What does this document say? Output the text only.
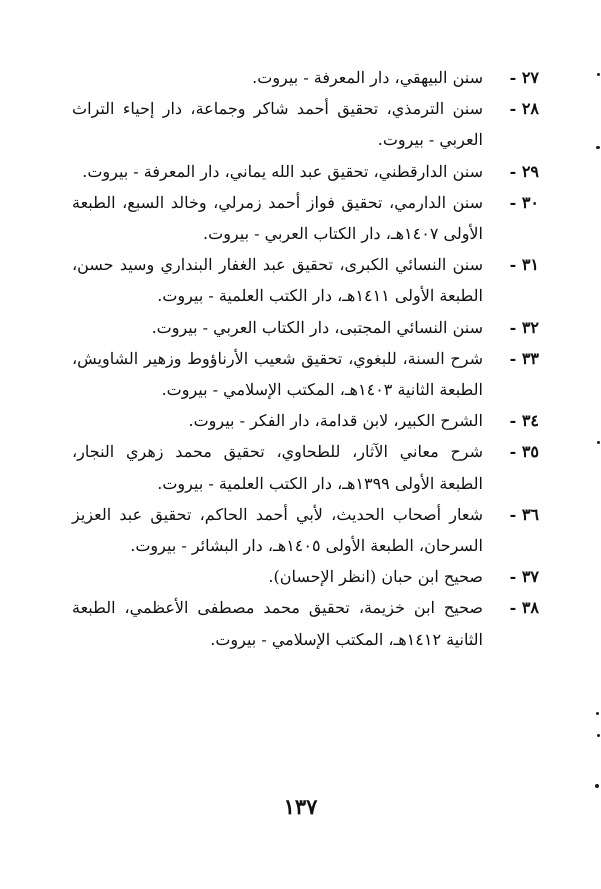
٢٧ -
سنن البيهقي، دار المعرفة - بيروت.
٢٨ -
سنن الترمذي، تحقيق أحمد شاكر وجماعة، دار إحياء التراث العربي - بيروت.
٢٩ -
سنن الدارقطني، تحقيق عبد الله يماني، دار المعرفة - بيروت.
٣٠ -
سنن الدارمي، تحقيق فواز أحمد زمرلي، وخالد السبع، الطبعة الأولى ١٤٠٧هـ، دار الكتاب العربي - بيروت.
٣١ -
سنن النسائي الكبرى، تحقيق عبد الغفار البنداري وسيد حسن، الطبعة الأولى ١٤١١هـ، دار الكتب العلمية - بيروت.
٣٢ -
سنن النسائي المجتبى، دار الكتاب العربي - بيروت.
٣٣ -
شرح السنة، للبغوي، تحقيق شعيب الأرناؤوط وزهير الشاويش، الطبعة الثانية ١٤٠٣هـ، المكتب الإسلامي - بيروت.
٣٤ -
الشرح الكبير، لابن قدامة، دار الفكر - بيروت.
٣٥ -
شرح معاني الآثار، للطحاوي، تحقيق محمد زهري النجار، الطبعة الأولى ١٣٩٩هـ، دار الكتب العلمية - بيروت.
٣٦ -
شعار أصحاب الحديث، لأبي أحمد الحاكم، تحقيق عبد العزيز السرحان، الطبعة الأولى ١٤٠٥هـ، دار البشائر - بيروت.
٣٧ -
صحيح ابن حبان (انظر الإحسان).
٣٨ -
صحيح ابن خزيمة، تحقيق محمد مصطفى الأعظمي، الطبعة الثانية ١٤١٢هـ، المكتب الإسلامي - بيروت.
١٣٧
